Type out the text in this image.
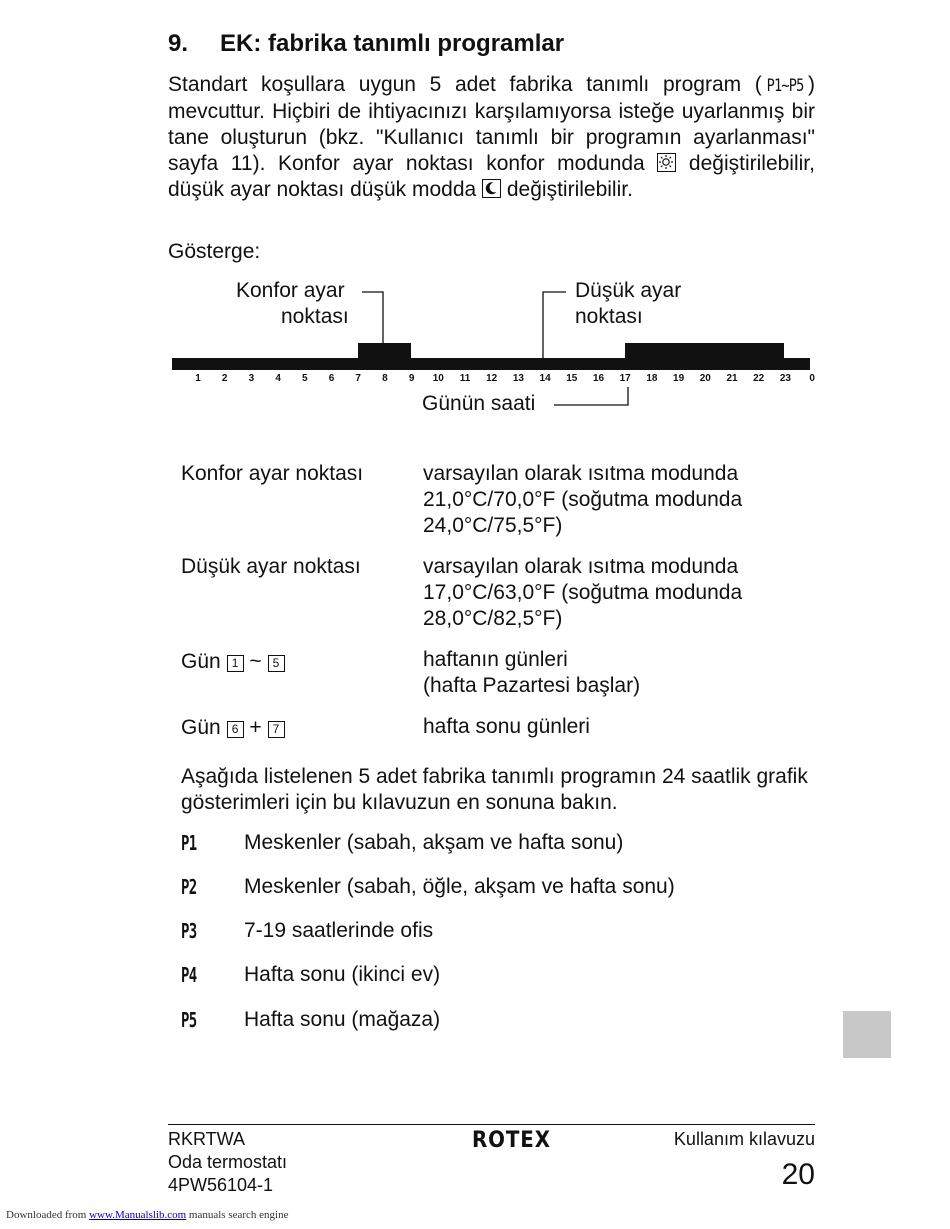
9. EK: fabrika tanımlı programlar
Standart koşullara uygun 5 adet fabrika tanımlı program ( P1~P5 ) mevcuttur. Hiçbiri de ihtiyacınızı karşılamıyorsa isteğe uyarlanmış bir tane oluşturun (bkz. "Kullanıcı tanımlı bir programın ayarlanması" sayfa 11). Konfor ayar noktası konfor modunda değiştirilebilir, düşük ayar noktası düşük modda değiştirilebilir.
Gösterge:
Konfor ayar
noktası
Düşük ayar
noktası
1 2 3 4 5 6 7 8 9 10 11 12 13 14 15 16 17 18 19 20 21 22 23 0
Günün saati
Konfor ayar noktası	varsayılan olarak ısıtma modunda
21,0°C/70,0°F (soğutma modunda
24,0°C/75,5°F)
Düşük ayar noktası	varsayılan olarak ısıtma modunda
17,0°C/63,0°F (soğutma modunda
28,0°C/82,5°F)
Gün 1 ~ 5	haftanın günleri
(hafta Pazartesi başlar)
Gün 6 + 7	hafta sonu günleri
Aşağıda listelenen 5 adet fabrika tanımlı programın 24 saatlik grafik gösterimleri için bu kılavuzun en sonuna bakın.
P1 Meskenler (sabah, akşam ve hafta sonu)
P2 Meskenler (sabah, öğle, akşam ve hafta sonu)
P3 7-19 saatlerinde ofis
P4 Hafta sonu (ikinci ev)
P5 Hafta sonu (mağaza)
RKRTWA
Oda termostatı
4PW56104-1
ROTEX	Kullanım kılavuzu
20
Downloaded from www.Manualslib.com manuals search engine
